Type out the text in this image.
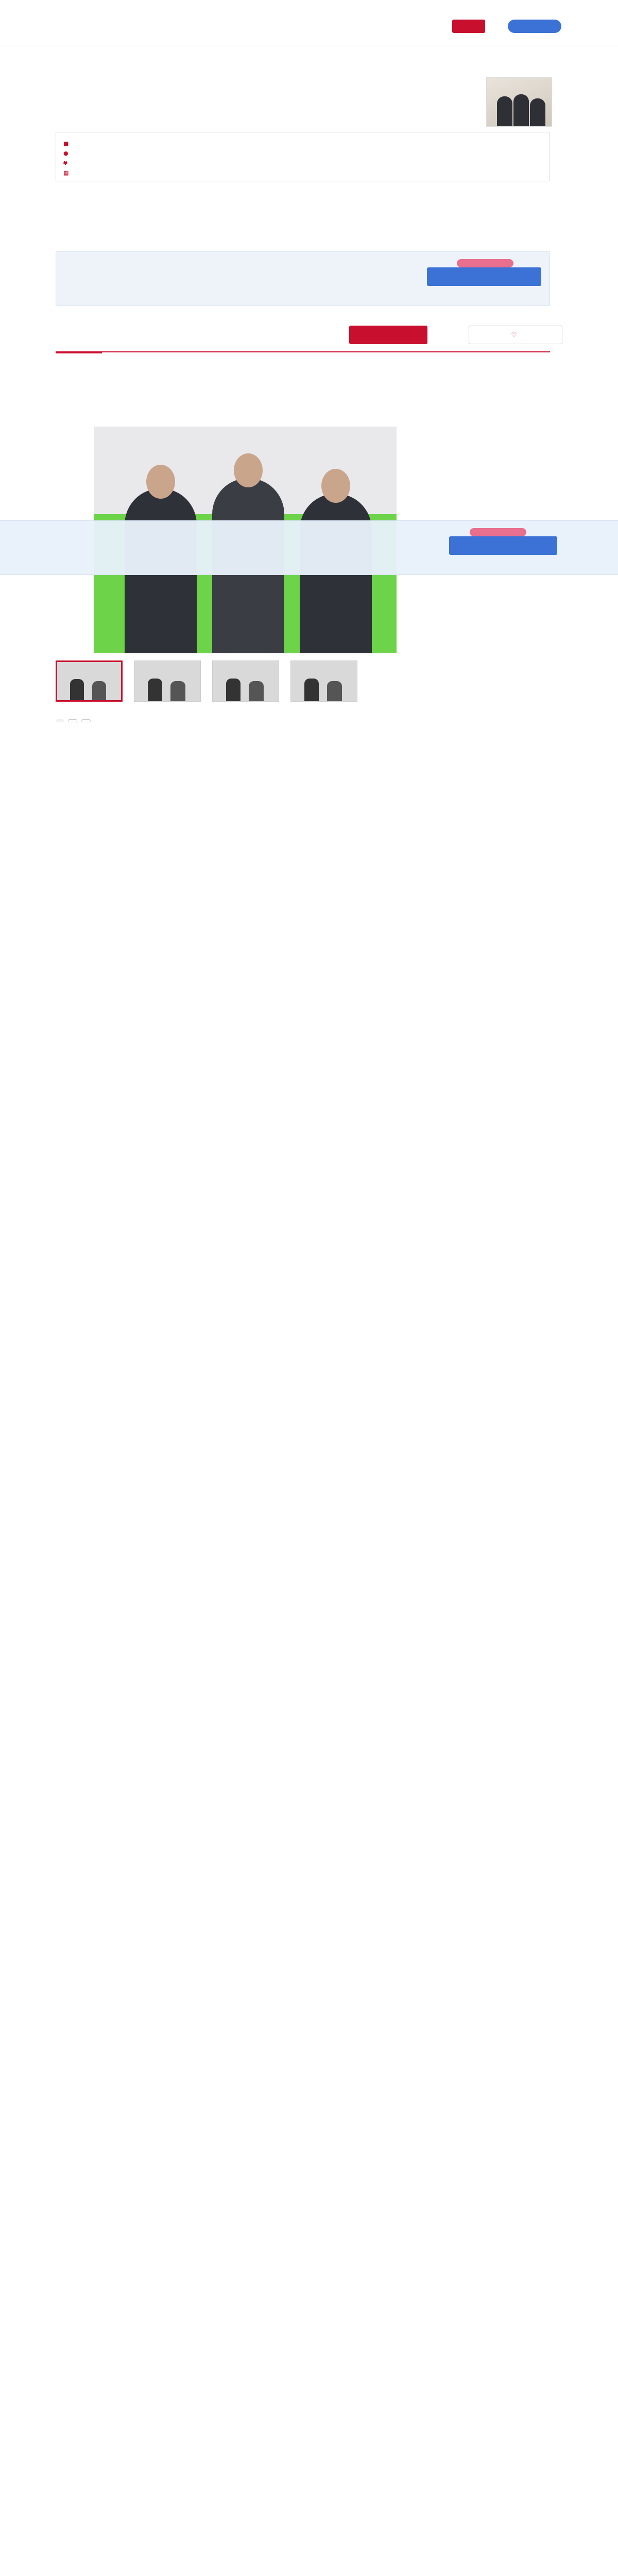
■
●
¥
▦
♡
